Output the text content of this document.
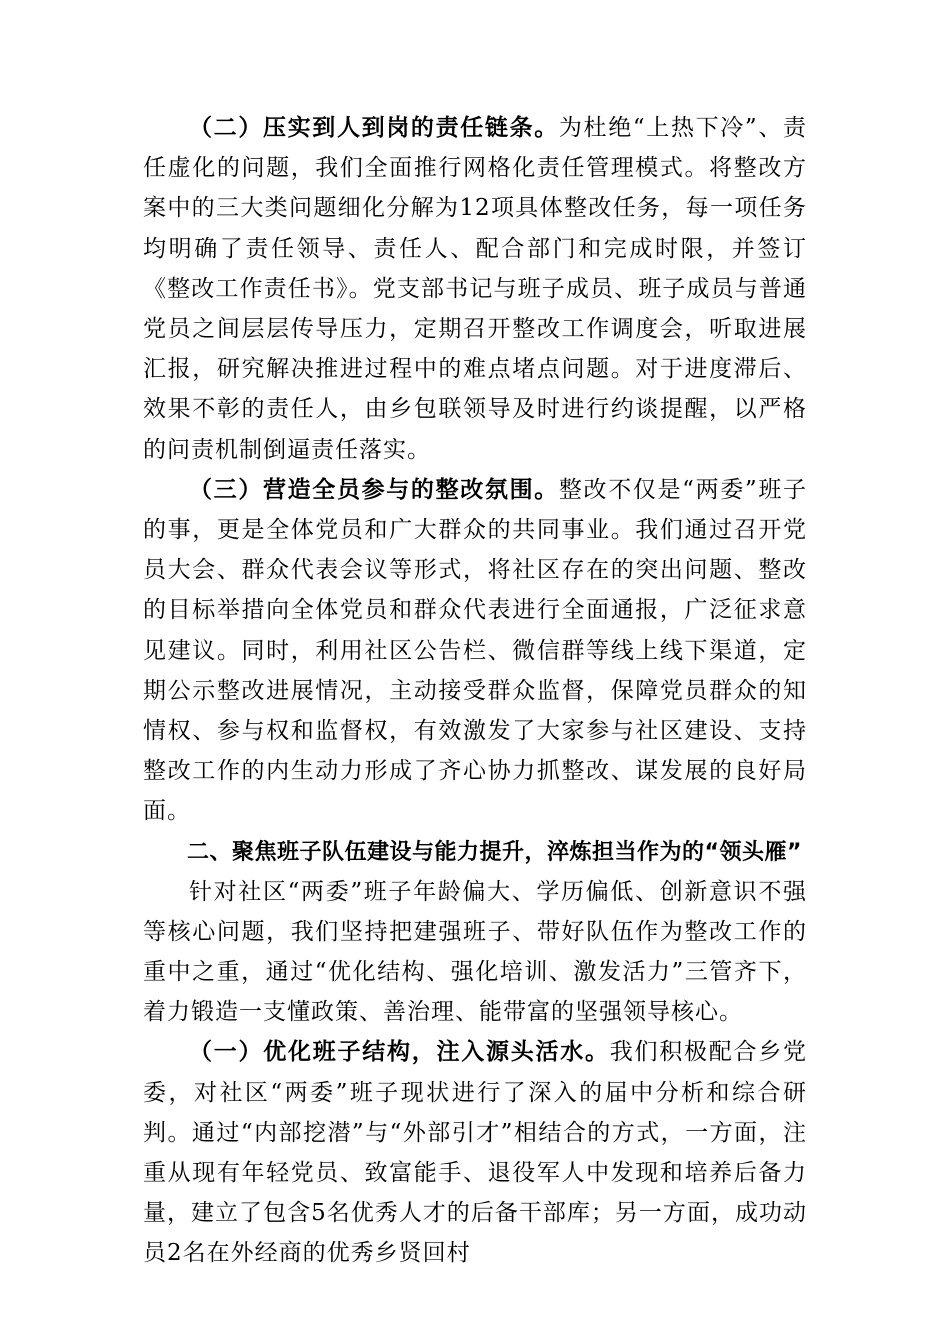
（二）压实到人到岗的责任链条。为杜绝“上热下冷”、责任虚化的问题，我们全面推行网格化责任管理模式。将整改方案中的三大类问题细化分解为12项具体整改任务，每一项任务均明确了责任领导、责任人、配合部门和完成时限，并签订《整改工作责任书》。党支部书记与班子成员、班子成员与普通党员之间层层传导压力，定期召开整改工作调度会，听取进展汇报，研究解决推进过程中的难点堵点问题。对于进度滞后、效果不彰的责任人，由乡包联领导及时进行约谈提醒，以严格的问责机制倒逼责任落实。

（三）营造全员参与的整改氛围。整改不仅是“两委”班子的事，更是全体党员和广大群众的共同事业。我们通过召开党员大会、群众代表会议等形式，将社区存在的突出问题、整改的目标举措向全体党员和群众代表进行全面通报，广泛征求意见建议。同时，利用社区公告栏、微信群等线上线下渠道，定期公示整改进展情况，主动接受群众监督，保障党员群众的知情权、参与权和监督权，有效激发了大家参与社区建设、支持整改工作的内生动力形成了齐心协力抓整改、谋发展的良好局面。

二、聚焦班子队伍建设与能力提升，淬炼担当作为的“领头雁”

针对社区“两委”班子年龄偏大、学历偏低、创新意识不强等核心问题，我们坚持把建强班子、带好队伍作为整改工作的重中之重，通过“优化结构、强化培训、激发活力”三管齐下，着力锻造一支懂政策、善治理、能带富的坚强领导核心。

（一）优化班子结构，注入源头活水。我们积极配合乡党委，对社区“两委”班子现状进行了深入的届中分析和综合研判。通过“内部挖潜”与“外部引才”相结合的方式，一方面，注重从现有年轻党员、致富能手、退役军人中发现和培养后备力量，建立了包含5名优秀人才的后备干部库；另一方面，成功动员2名在外经商的优秀乡贤回村
